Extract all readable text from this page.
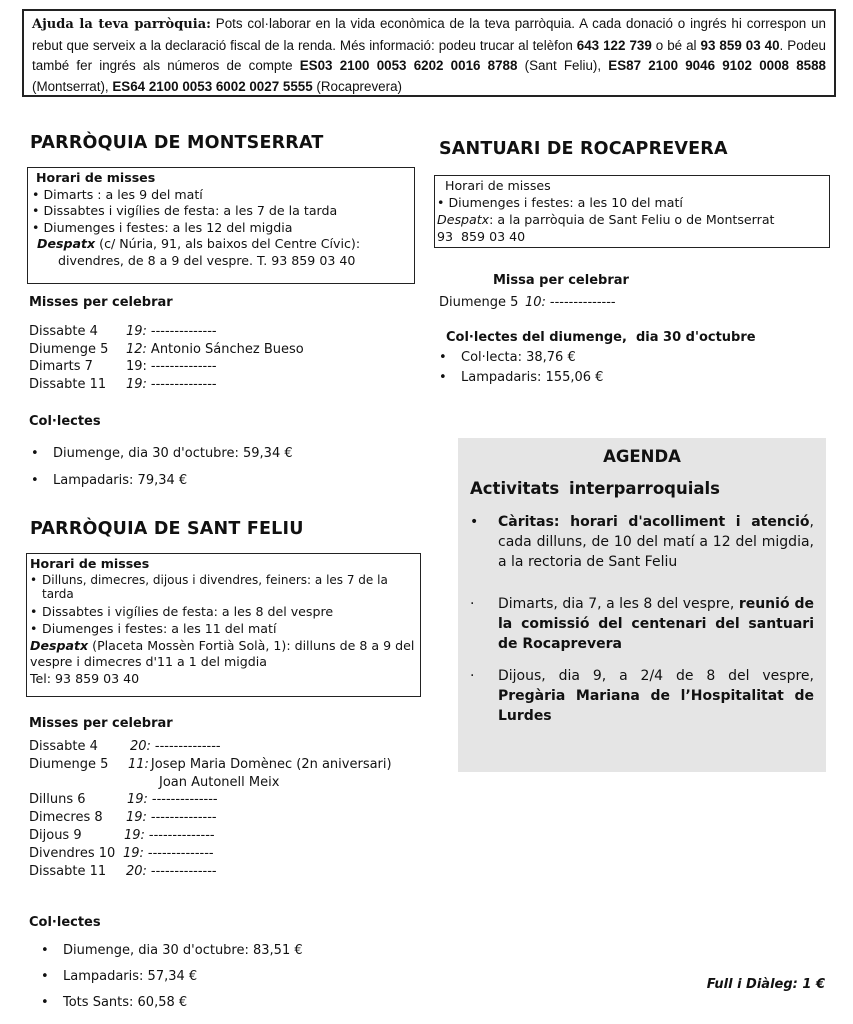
Ajuda la teva parròquia: Pots col·laborar en la vida econòmica de la teva parròquia. A cada donació o ingrés hi correspon un rebut que serveix a la declaració fiscal de la renda. Més informació: podeu trucar al telèfon 643 122 739 o bé al 93 859 03 40. Podeu també fer ingrés als números de compte ES03 2100 0053 6202 0016 8788 (Sant Feliu), ES87 2100 9046 9102 0008 8588 (Montserrat), ES64 2100 0053 6002 0027 5555 (Rocaprevera)
PARRÒQUIA DE MONTSERRAT
Horari de misses
• Dimarts : a les 9 del matí
• Dissabtes i vigílies de festa: a les 7 de la tarda
• Diumenges i festes: a les 12 del migdia
Despatx (c/ Núria, 91, als baixos del Centre Cívic):
divendres, de 8 a 9 del vespre. T. 93 859 03 40
Misses per celebrar
Dissabte 4	19: --------------
Diumenge 5	12: Antonio Sánchez Bueso
Dimarts 7	19: --------------
Dissabte 11	19: --------------
Col·lectes
•	Diumenge, dia 30 d'octubre: 59,34 €
•	Lampadaris: 79,34 €
PARRÒQUIA DE SANT FELIU
Horari de misses
• Dilluns, dimecres, dijous i divendres, feiners: a les 7 de la tarda
• Dissabtes i vigílies de festa: a les 8 del vespre
• Diumenges i festes: a les 11 del matí
Despatx (Placeta Mossèn Fortià Solà, 1): dilluns de 8 a 9 del vespre i dimecres d'11 a 1 del migdia
Tel: 93 859 03 40
Misses per celebrar
Dissabte 4	20: --------------
Diumenge 5	11: Josep Maria Domènec (2n aniversari)
Joan Autonell Meix
Dilluns 6	19: --------------
Dimecres 8	19: --------------
Dijous 9	19: --------------
Divendres 10 19: --------------
Dissabte 11	20: --------------
Col·lectes
•	Diumenge, dia 30 d'octubre: 83,51 €
•	Lampadaris: 57,34 €
•	Tots Sants: 60,58 €
SANTUARI DE ROCAPREVERA
Horari de misses
• Diumenges i festes: a les 10 del matí
Despatx: a la parròquia de Sant Feliu o de Montserrat
93  859 03 40
Missa per celebrar
Diumenge 5 10: --------------
Col·lectes del diumenge,  dia 30 d'octubre
•	Col·lecta: 38,76 €
•	Lampadaris: 155,06 €
AGENDA
Activitats interparroquials
•	Càritas: horari d'acolliment i atenció, cada dilluns, de 10 del matí a 12 del migdia, a la rectoria de Sant Feliu
·	Dimarts, dia 7, a les 8 del vespre, reunió de la comissió del centenari del santuari de Rocaprevera
·	Dijous, dia 9, a 2/4 de 8 del vespre, Pregària Mariana de l’Hospitalitat de Lurdes
Full i Diàleg: 1 €
